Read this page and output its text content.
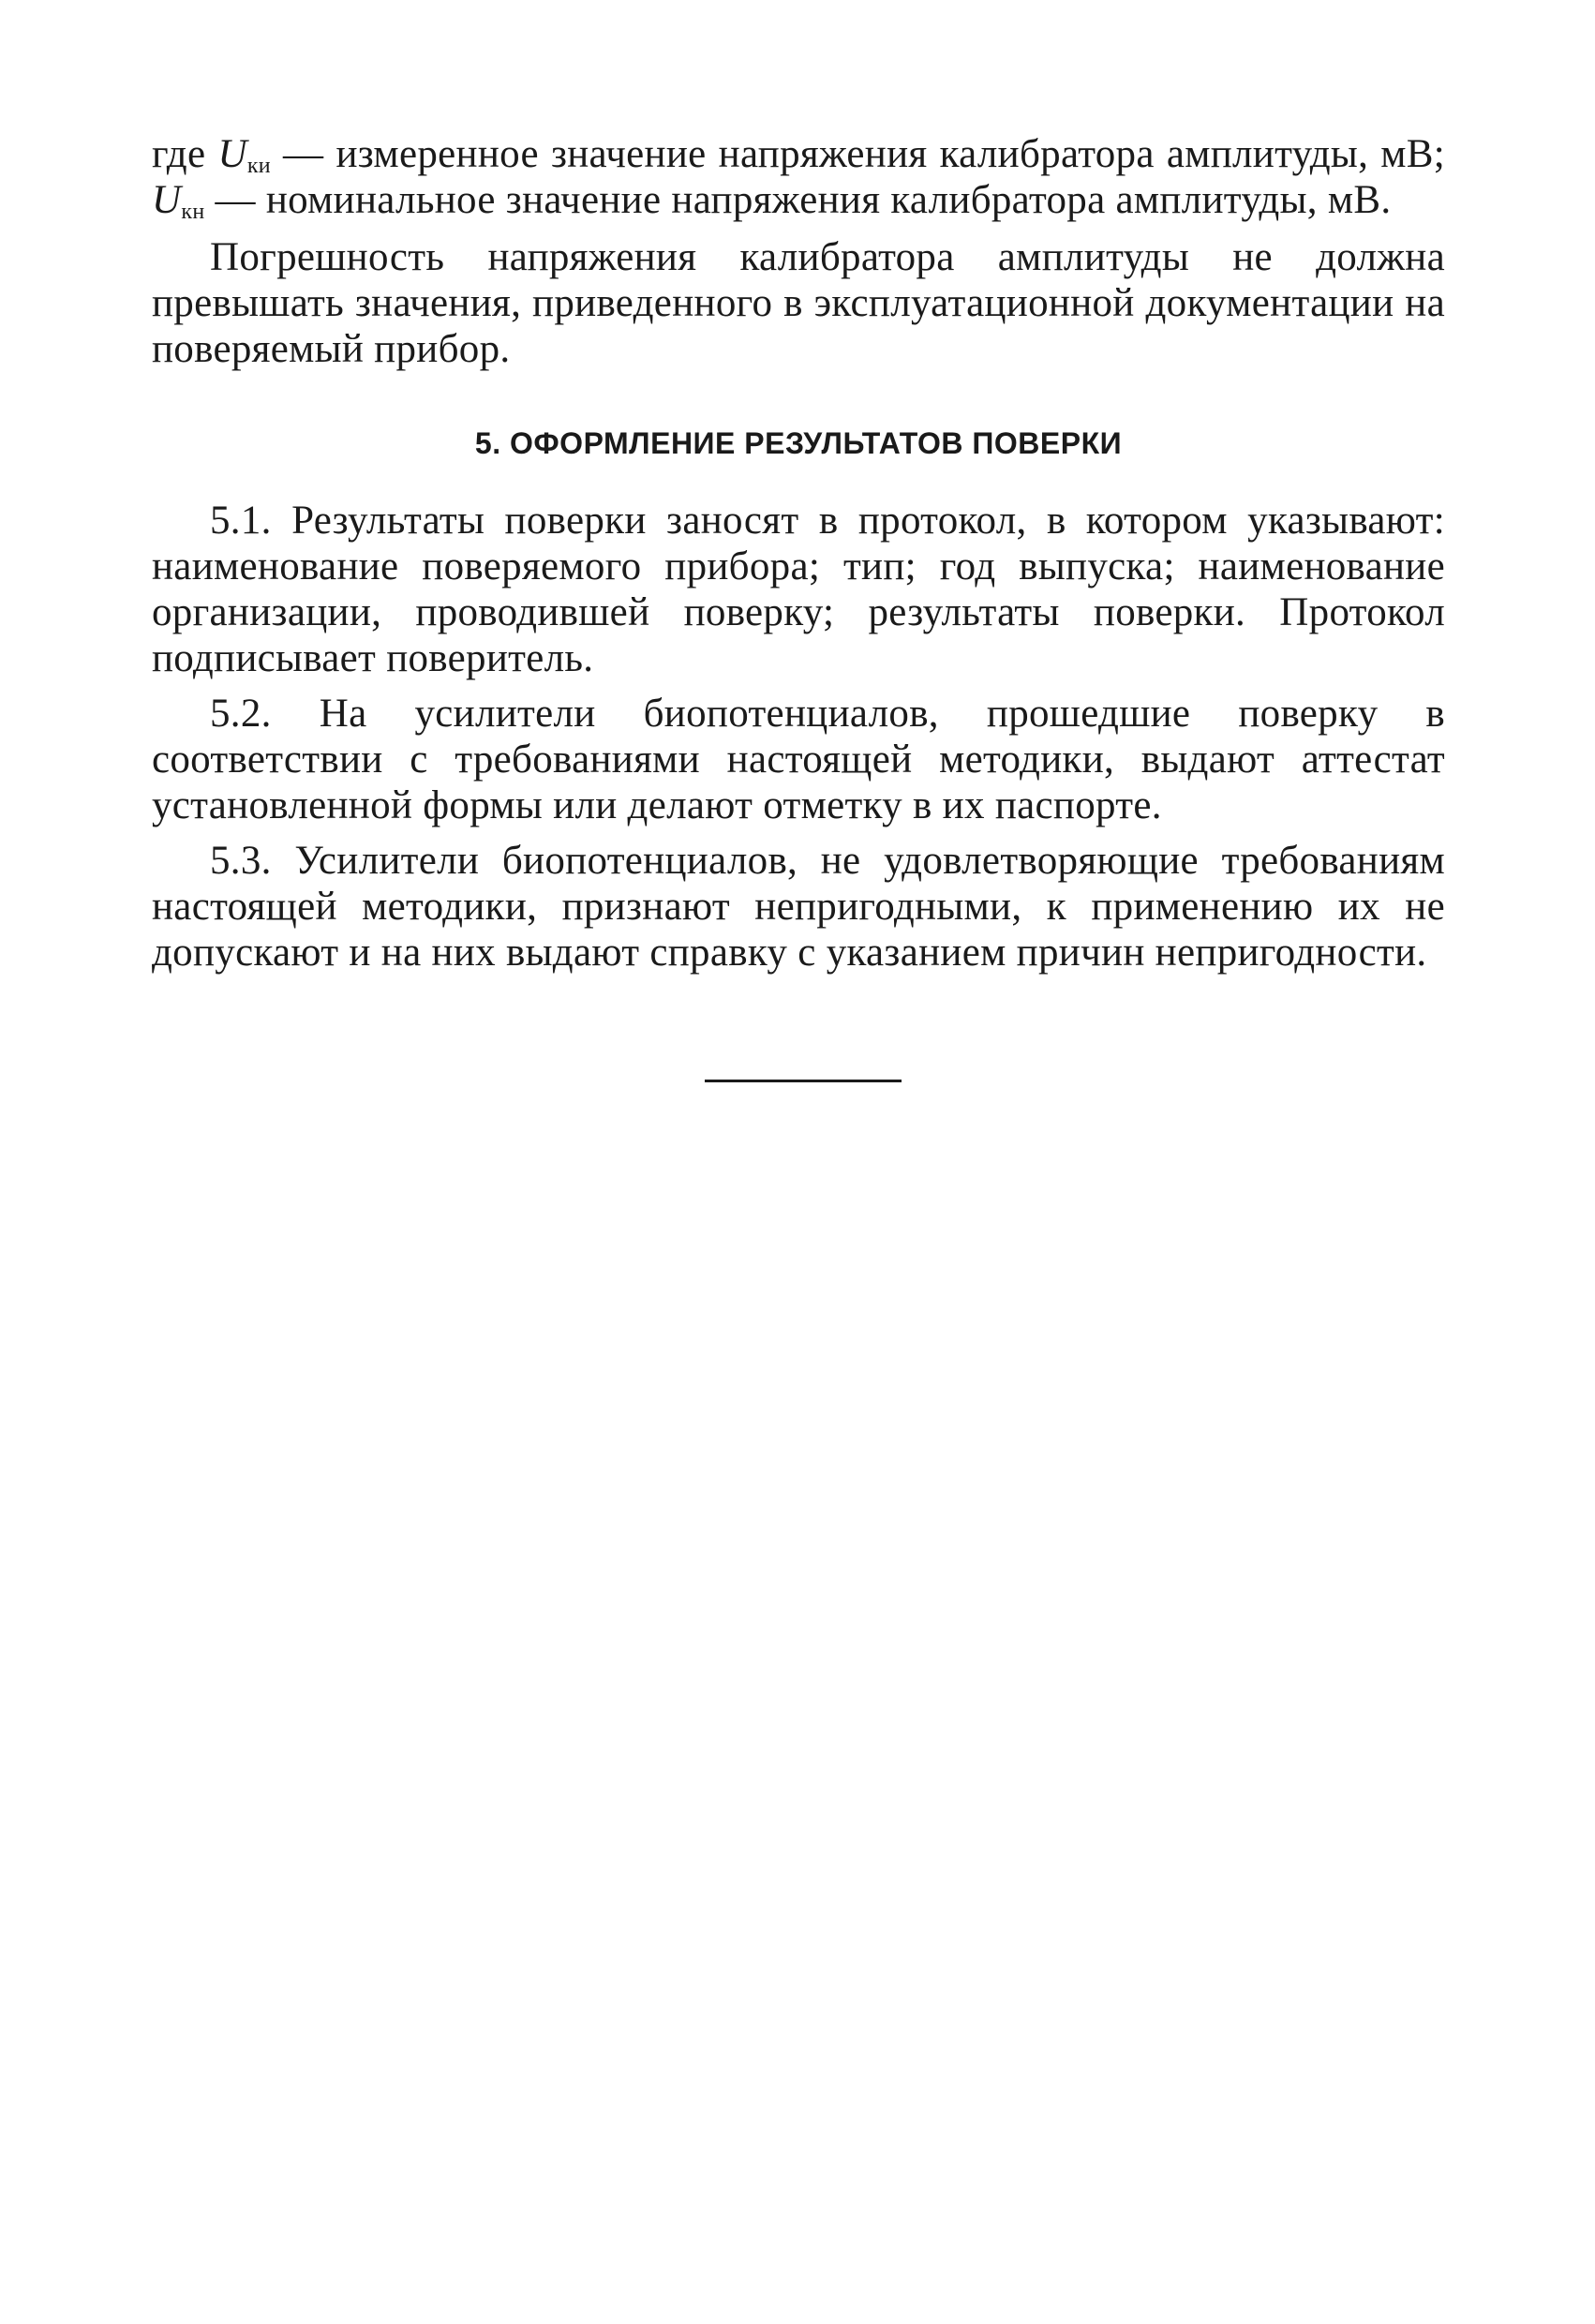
где $U_{ки}$ — измеренное значение напряжения калибратора амплитуды, мВ; $U_{кн}$ — номинальное значение напряжения калибратора амплитуды, мВ.

Погрешность напряжения калибратора амплитуды не должна превышать значения, приведенного в эксплуатационной документации на поверяемый прибор.

5. ОФОРМЛЕНИЕ РЕЗУЛЬТАТОВ ПОВЕРКИ

5.1. Результаты поверки заносят в протокол, в котором указывают: наименование поверяемого прибора; тип; год выпуска; наименование организации, проводившей поверку; результаты поверки. Протокол подписывает поверитель.

5.2. На усилители биопотенциалов, прошедшие поверку в соответствии с требованиями настоящей методики, выдают аттестат установленной формы или делают отметку в их паспорте.

5.3. Усилители биопотенциалов, не удовлетворяющие требованиям настоящей методики, признают непригодными, к применению их не допускают и на них выдают справку с указанием причин непригодности.
